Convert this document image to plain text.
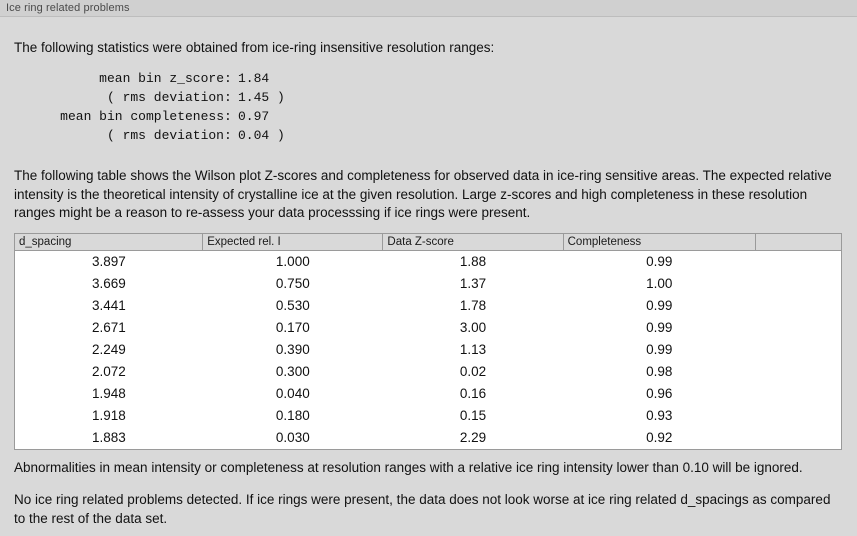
Ice ring related problems

The following statistics were obtained from ice-ring insensitive resolution ranges:

mean bin z_score : 1.84
( rms deviation : 1.45 )
mean bin completeness : 0.97
( rms deviation : 0.04 )

The following table shows the Wilson plot Z-scores and completeness for observed data in ice-ring sensitive areas. The expected relative intensity is the theoretical intensity of crystalline ice at the given resolution. Large z-scores and high completeness in these resolution ranges might be a reason to re-assess your data processsing if ice rings were present.

d_spacing	Expected rel. I	Data Z-score	Completeness	
3.897	1.000	1.88	0.99	
3.669	0.750	1.37	1.00	
3.441	0.530	1.78	0.99	
2.671	0.170	3.00	0.99	
2.249	0.390	1.13	0.99	
2.072	0.300	0.02	0.98	
1.948	0.040	0.16	0.96	
1.918	0.180	0.15	0.93	
1.883	0.030	2.29	0.92	

Abnormalities in mean intensity or completeness at resolution ranges with a relative ice ring intensity lower than 0.10 will be ignored.

No ice ring related problems detected. If ice rings were present, the data does not look worse at ice ring related d_spacings as compared to the rest of the data set.
